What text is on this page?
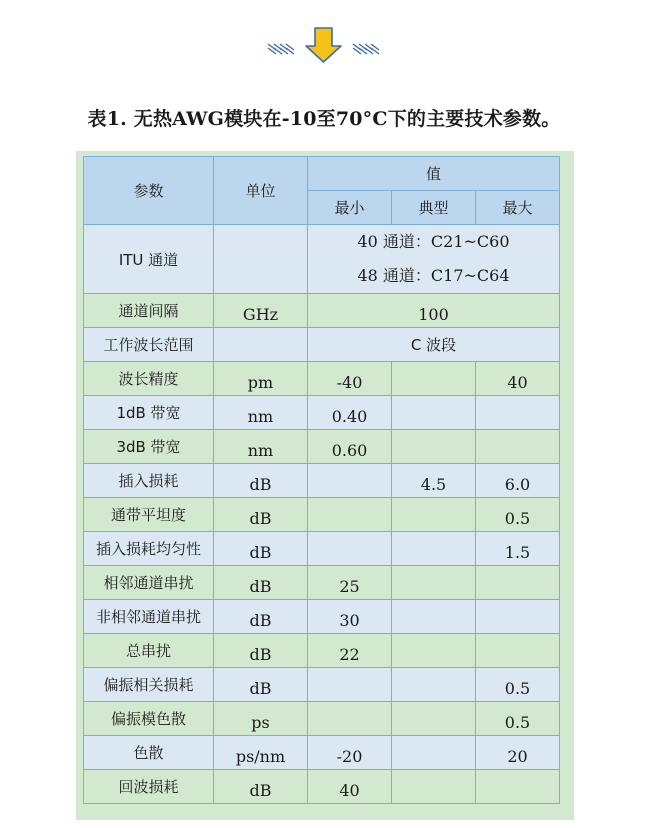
表1. 无热AWG模块在-10至70°C下的主要技术参数。
参数	单位	值		
		最小	典型	最大
ITU 通道		40 通道：C21~C60
48 通道：C17~C64		

通道间隔	GHz	100		
工作波长范围		C 波段		
波长精度	pm	-40		40
1dB 带宽	nm	0.40		
3dB 带宽	nm	0.60		
插入损耗	dB		4.5	6.0
通带平坦度	dB			0.5
插入损耗均匀性	dB			1.5
相邻通道串扰	dB	25		
非相邻通道串扰	dB	30		
总串扰	dB	22		
偏振相关损耗	dB			0.5
偏振模色散	ps			0.5
色散	ps/nm	-20		20
回波损耗	dB	40		
